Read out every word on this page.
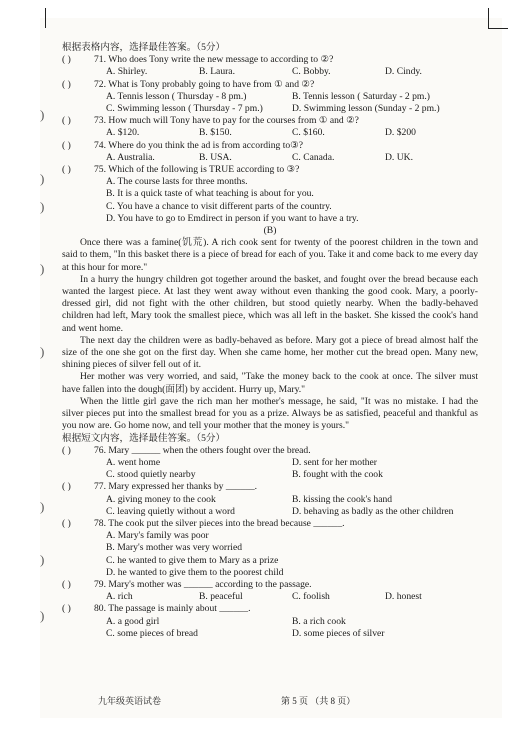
)
)
)
)
)
)
)
)
根据表格内容，选择最佳答案。（5分）
( ) 71. Who does Tony write the new message to according to ②?
A. Shirley.	B. Laura.	C. Bobby.	D. Cindy.
( ) 72. What is Tony probably going to have from ① and ②?
A. Tennis lesson ( Thursday - 8 pm.)	B. Tennis lesson ( Saturday - 2 pm.)
C. Swimming lesson ( Thursday - 7 pm.)	D. Swimming lesson (Sunday - 2 pm.)
( ) 73. How much will Tony have to pay for the courses from ① and ②?
A. $120.	B. $150.	C. $160.	D. $200
( ) 74. Where do you think the ad is from according to③?
A. Australia.	B. USA.	C. Canada.	D. UK.
( ) 75. Which of the following is TRUE according to ③?
A. The course lasts for three months.
B. It is a quick taste of what teaching is about for you.
C. You have a chance to visit different parts of the country.
D. You have to go to Emdirect in person if you want to have a try.
(B)

Once there was a famine(饥荒). A rich cook sent for twenty of the poorest children in the town and said to them, "In this basket there is a piece of bread for each of you. Take it and come back to me every day at this hour for more."

In a hurry the hungry children got together around the basket, and fought over the bread because each wanted the largest piece. At last they went away without even thanking the good cook. Mary, a poorly-dressed girl, did not fight with the other children, but stood quietly nearby. When the badly-behaved children had left, Mary took the smallest piece, which was all left in the basket. She kissed the cook's hand and went home.

The next day the children were as badly-behaved as before. Mary got a piece of bread almost half the size of the one she got on the first day. When she came home, her mother cut the bread open. Many new, shining pieces of silver fell out of it.

Her mother was very worried, and said, "Take the money back to the cook at once. The silver must have fallen into the dough(面团) by accident. Hurry up, Mary."

When the little girl gave the rich man her mother's message, he said, "It was no mistake. I had the silver pieces put into the smallest bread for you as a prize. Always be as satisfied, peaceful and thankful as you now are. Go home now, and tell your mother that the money is yours."

根据短文内容，选择最佳答案。（5分）
( ) 76. Mary ______ when the others fought over the bread.
A. went home	D. sent for her mother
C. stood quietly nearby	B. fought with the cook
( ) 77. Mary expressed her thanks by ______.
A. giving money to the cook	B. kissing the cook's hand
C. leaving quietly without a word	D. behaving as badly as the other children
( ) 78. The cook put the silver pieces into the bread because ______.
A. Mary's family was poor
B. Mary's mother was very worried
C. he wanted to give them to Mary as a prize
D. he wanted to give them to the poorest child
( ) 79. Mary's mother was ______ according to the passage.
A. rich	B. peaceful	C. foolish	D. honest
( ) 80. The passage is mainly about ______.
A. a good girl	B. a rich cook
C. some pieces of bread	D. some pieces of silver
九年级英语试卷	第 5 页 （共 8 页）
